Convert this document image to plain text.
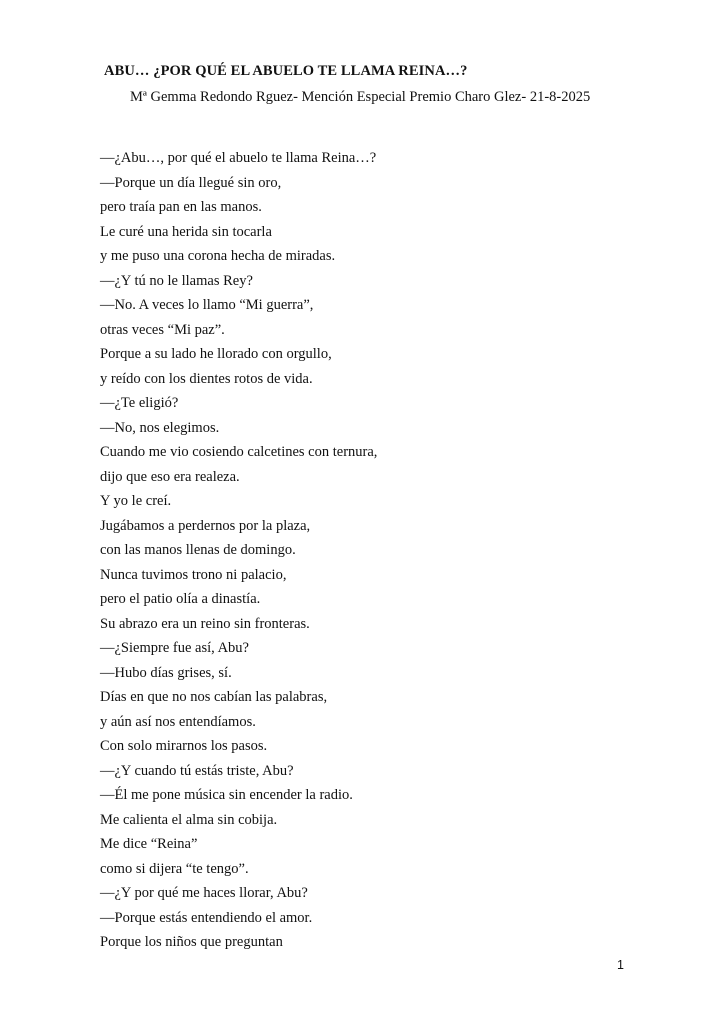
ABU… ¿POR QUÉ EL ABUELO TE LLAMA REINA…?
Mª Gemma Redondo Rguez- Mención Especial Premio Charo Glez- 21-8-2025
—¿Abu…, por qué el abuelo te llama Reina…?
—Porque un día llegué sin oro,
pero traía pan en las manos.
Le curé una herida sin tocarla
y me puso una corona hecha de miradas.
—¿Y tú no le llamas Rey?
—No. A veces lo llamo “Mi guerra”,
otras veces “Mi paz”.
Porque a su lado he llorado con orgullo,
y reído con los dientes rotos de vida.
—¿Te eligió?
—No, nos elegimos.
Cuando me vio cosiendo calcetines con ternura,
dijo que eso era realeza.
Y yo le creí.
Jugábamos a perdernos por la plaza,
con las manos llenas de domingo.
Nunca tuvimos trono ni palacio,
pero el patio olía a dinastía.
Su abrazo era un reino sin fronteras.
—¿Siempre fue así, Abu?
—Hubo días grises, sí.
Días en que no nos cabían las palabras,
y aún así nos entendíamos.
Con solo mirarnos los pasos.
—¿Y cuando tú estás triste, Abu?
—Él me pone música sin encender la radio.
Me calienta el alma sin cobija.
Me dice “Reina”
como si dijera “te tengo”.
—¿Y por qué me haces llorar, Abu?
—Porque estás entendiendo el amor.
Porque los niños que preguntan
1
